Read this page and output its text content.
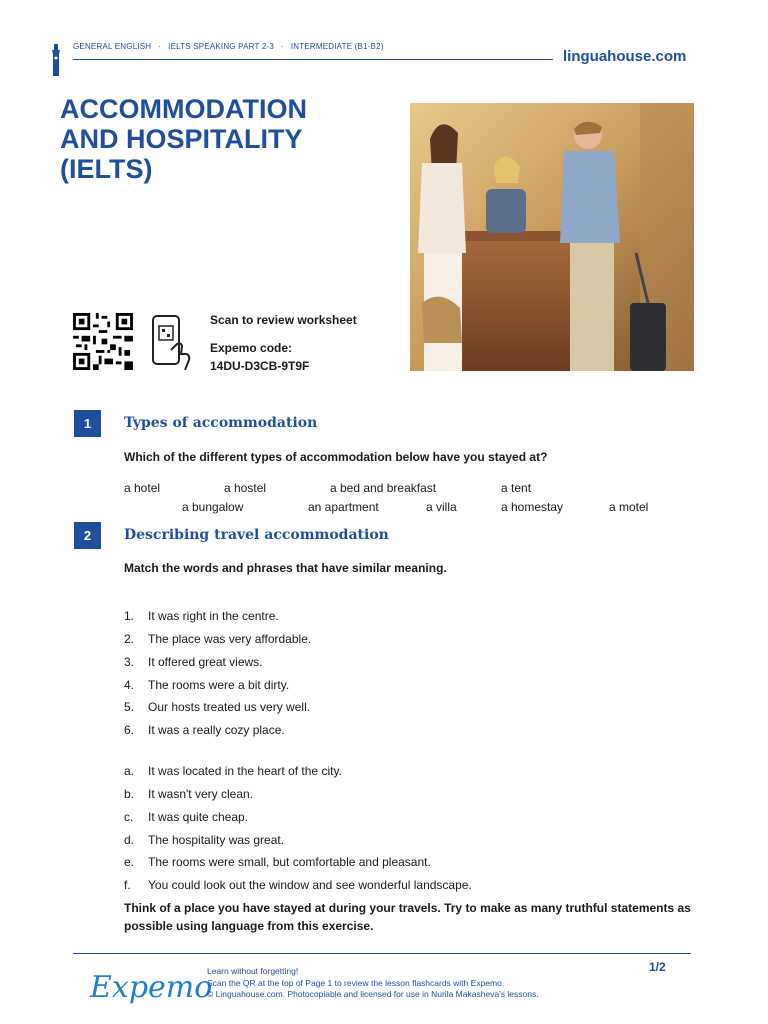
GENERAL ENGLISH · IELTS SPEAKING PART 2-3 · INTERMEDIATE (B1-B2)
linguahouse.com
ACCOMMODATION
AND HOSPITALITY
(IELTS)
Scan to review worksheet
Expemo code:
14DU-D3CB-9T9F
1	Types of accommodation
Which of the different types of accommodation below have you stayed at?
a hotel	a hostel	a bed and breakfast	a tent
a bungalow	an apartment	a villa	a homestay	a motel
2	Describing travel accommodation
Match the words and phrases that have similar meaning.
1. It was right in the centre.
2. The place was very affordable.
3. It offered great views.
4. The rooms were a bit dirty.
5. Our hosts treated us very well.
6. It was a really cozy place.
a. It was located in the heart of the city.
b. It wasn't very clean.
c. It was quite cheap.
d. The hospitality was great.
e. The rooms were small, but comfortable and pleasant.
f. You could look out the window and see wonderful landscape.
Think of a place you have stayed at during your travels. Try to make as many truthful statements as possible using language from this exercise.
Expemo
Learn without forgetting!
Scan the QR at the top of Page 1 to review the lesson flashcards with Expemo.
© Linguahouse.com. Photocopiable and licensed for use in Nurila Makasheva's lessons.
1/2
